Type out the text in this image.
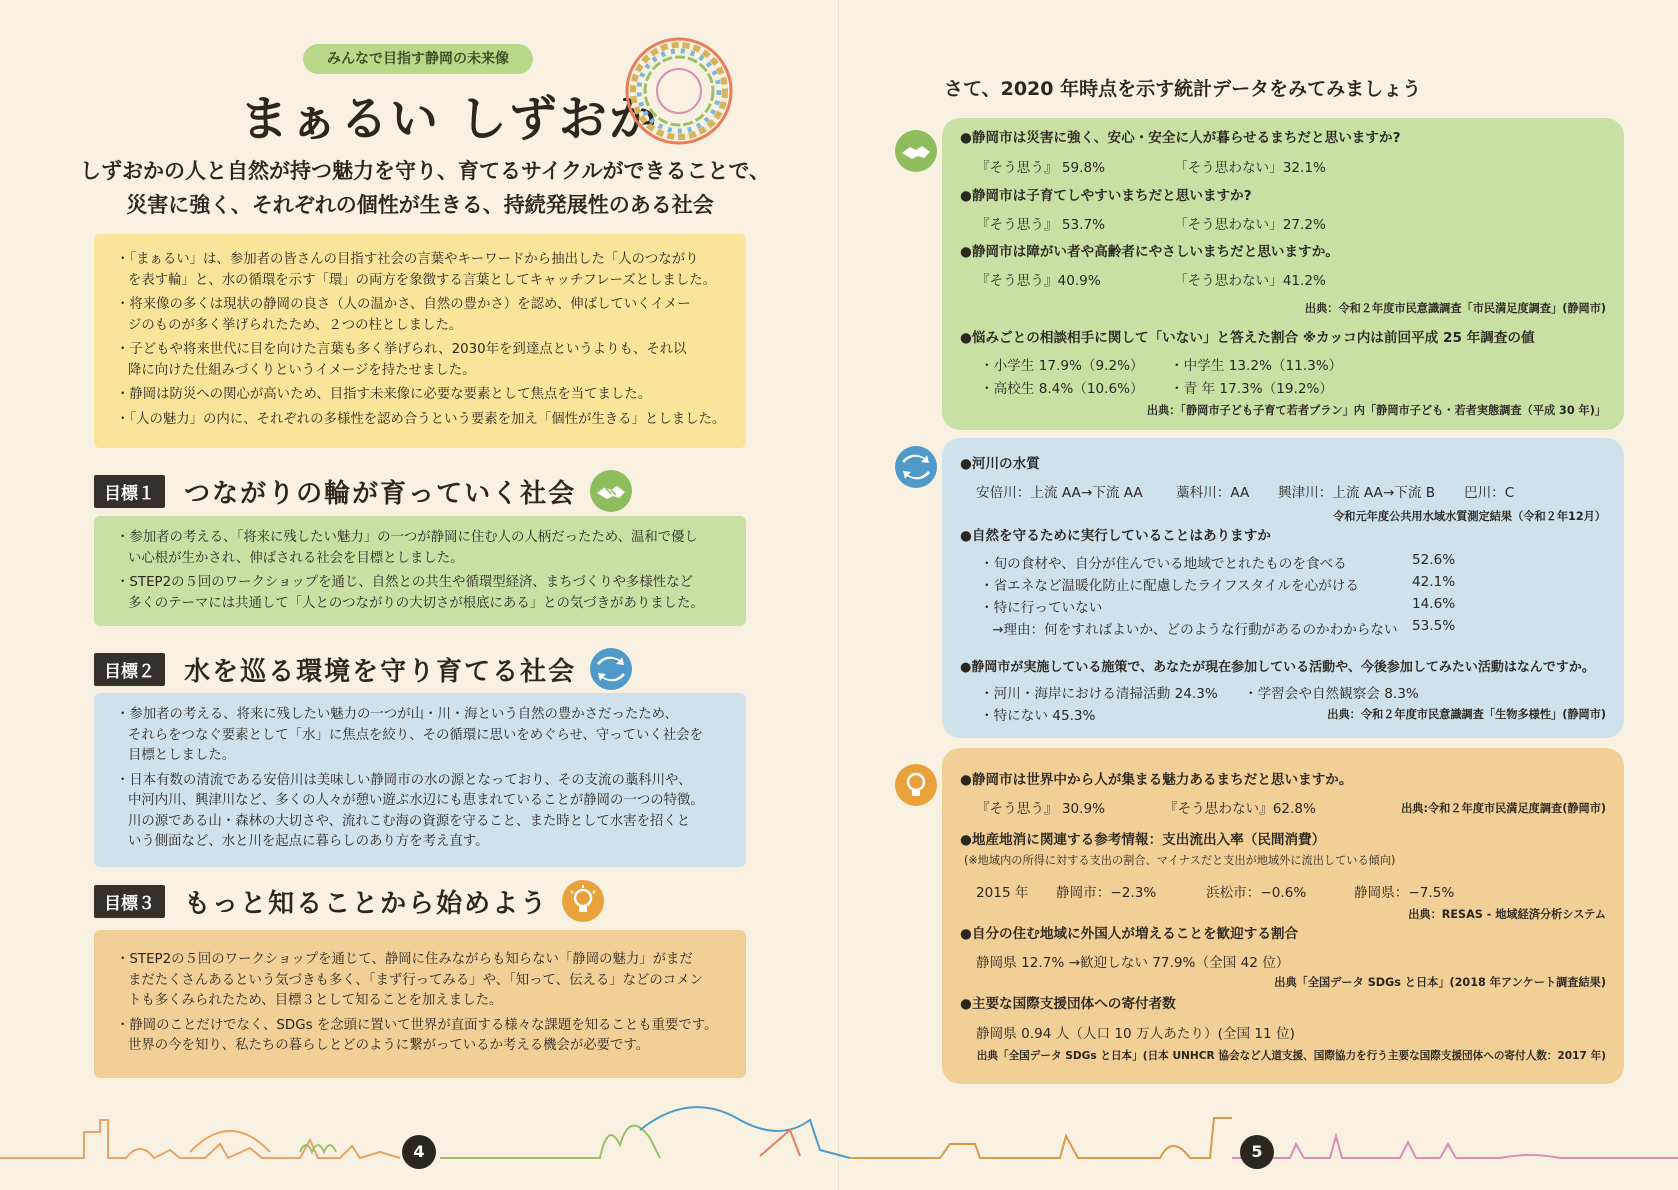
みんなで目指す静岡の未来像
まぁるい しずおか
しずおかの人と自然が持つ魅力を守り、育てるサイクルができることで、
災害に強く、それぞれの個性が生きる、持続発展性のある社会
・「まぁるい」は、参加者の皆さんの目指す社会の言葉やキーワードから抽出した「人のつながり
を表す輪」と、水の循環を示す「環」の両方を象徴する言葉としてキャッチフレーズとしました。
・将来像の多くは現状の静岡の良さ（人の温かさ、自然の豊かさ）を認め、伸ばしていくイメー
ジのものが多く挙げられたため、２つの柱としました。
・子どもや将来世代に目を向けた言葉も多く挙げられ、2030年を到達点というよりも、それ以
降に向けた仕組みづくりというイメージを持たせました。
・静岡は防災への関心が高いため、目指す未来像に必要な要素として焦点を当てました。
・「人の魅力」の内に、それぞれの多様性を認め合うという要素を加え「個性が生きる」としました。
目標１ つながりの輪が育っていく社会
・参加者の考える、「将来に残したい魅力」の一つが静岡に住む人の人柄だったため、温和で優し
い心根が生かされ、伸ばされる社会を目標としました。
・STEP2の５回のワークショップを通じ、自然との共生や循環型経済、まちづくりや多様性など
多くのテーマには共通して「人とのつながりの大切さが根底にある」との気づきがありました。
目標２ 水を巡る環境を守り育てる社会
・参加者の考える、将来に残したい魅力の一つが山・川・海という自然の豊かさだったため、
それらをつなぐ要素として「水」に焦点を絞り、その循環に思いをめぐらせ、守っていく社会を
目標としました。
・日本有数の清流である安倍川は美味しい静岡市の水の源となっており、その支流の藁科川や、
中河内川、興津川など、多くの人々が憩い遊ぶ水辺にも恵まれていることが静岡の一つの特徴。
川の源である山・森林の大切さや、流れこむ海の資源を守ること、また時として水害を招くと
いう側面など、水と川を起点に暮らしのあり方を考え直す。
目標３ もっと知ることから始めよう
・STEP2の５回のワークショップを通じて、静岡に住みながらも知らない「静岡の魅力」がまだ
まだたくさんあるという気づきも多く、「まず行ってみる」や、「知って、伝える」などのコメン
トも多くみられたため、目標３として知ることを加えました。
・静岡のことだけでなく、SDGs を念頭に置いて世界が直面する様々な課題を知ることも重要です。
世界の今を知り、私たちの暮らしとどのように繋がっているか考える機会が必要です。
さて、2020 年時点を示す統計データをみてみましょう
●静岡市は災害に強く、安心・安全に人が暮らせるまちだと思いますか?
『そう思う』 59.8%	「そう思わない」32.1%
●静岡市は子育てしやすいまちだと思いますか?
『そう思う』 53.7%	「そう思わない」27.2%
●静岡市は障がい者や高齢者にやさしいまちだと思いますか。
『そう思う』40.9%	「そう思わない」41.2%
出典：令和２年度市民意識調査「市民満足度調査」(静岡市)
●悩みごとの相談相手に関して「いない」と答えた割合 ※カッコ内は前回平成 25 年調査の値
・小学生 17.9%（9.2%） ・中学生 13.2%（11.3%）
・高校生 8.4%（10.6%） ・青 年 17.3%（19.2%）
出典：「静岡市子ども子育て若者プラン」内「静岡市子ども・若者実態調査（平成 30 年)」
●河川の水質
安倍川：上流 AA→下流 AA 藁科川：AA 興津川：上流 AA→下流 B 巴川：C
令和元年度公共用水域水質測定結果（令和２年12月）
●自然を守るために実行していることはありますか
・旬の食材や、自分が住んでいる地域でとれたものを食べる	52.6%
・省エネなど温暖化防止に配慮したライフスタイルを心がける	42.1%
・特に行っていない	14.6%
→理由：何をすればよいか、どのような行動があるのかわからない 53.5%
●静岡市が実施している施策で、あなたが現在参加している活動や、今後参加してみたい活動はなんですか。
・河川・海岸における清掃活動 24.3% ・学習会や自然観察会 8.3%
・特にない 45.3%	出典：令和２年度市民意識調査「生物多様性」(静岡市)
●静岡市は世界中から人が集まる魅力あるまちだと思いますか。
『そう思う』 30.9%	『そう思わない』62.8%	出典:令和２年度市民満足度調査(静岡市)
●地産地消に関連する参考情報：支出流出入率（民間消費）
(※地域内の所得に対する支出の割合、マイナスだと支出が地域外に流出している傾向)
2015 年 静岡市：−2.3%	浜松市：−0.6%	静岡県：−7.5%
出典：RESAS - 地域経済分析システム
●自分の住む地域に外国人が増えることを歓迎する割合
静岡県 12.7% →歓迎しない 77.9%（全国 42 位）
出典「全国データ SDGs と日本」(2018 年アンケート調査結果)
●主要な国際支援団体への寄付者数
静岡県 0.94 人（人口 10 万人あたり）(全国 11 位)
出典「全国データ SDGs と日本」(日本 UNHCR 協会など人道支援、国際協力を行う主要な国際支援団体への寄付人数：2017 年)
4	5
